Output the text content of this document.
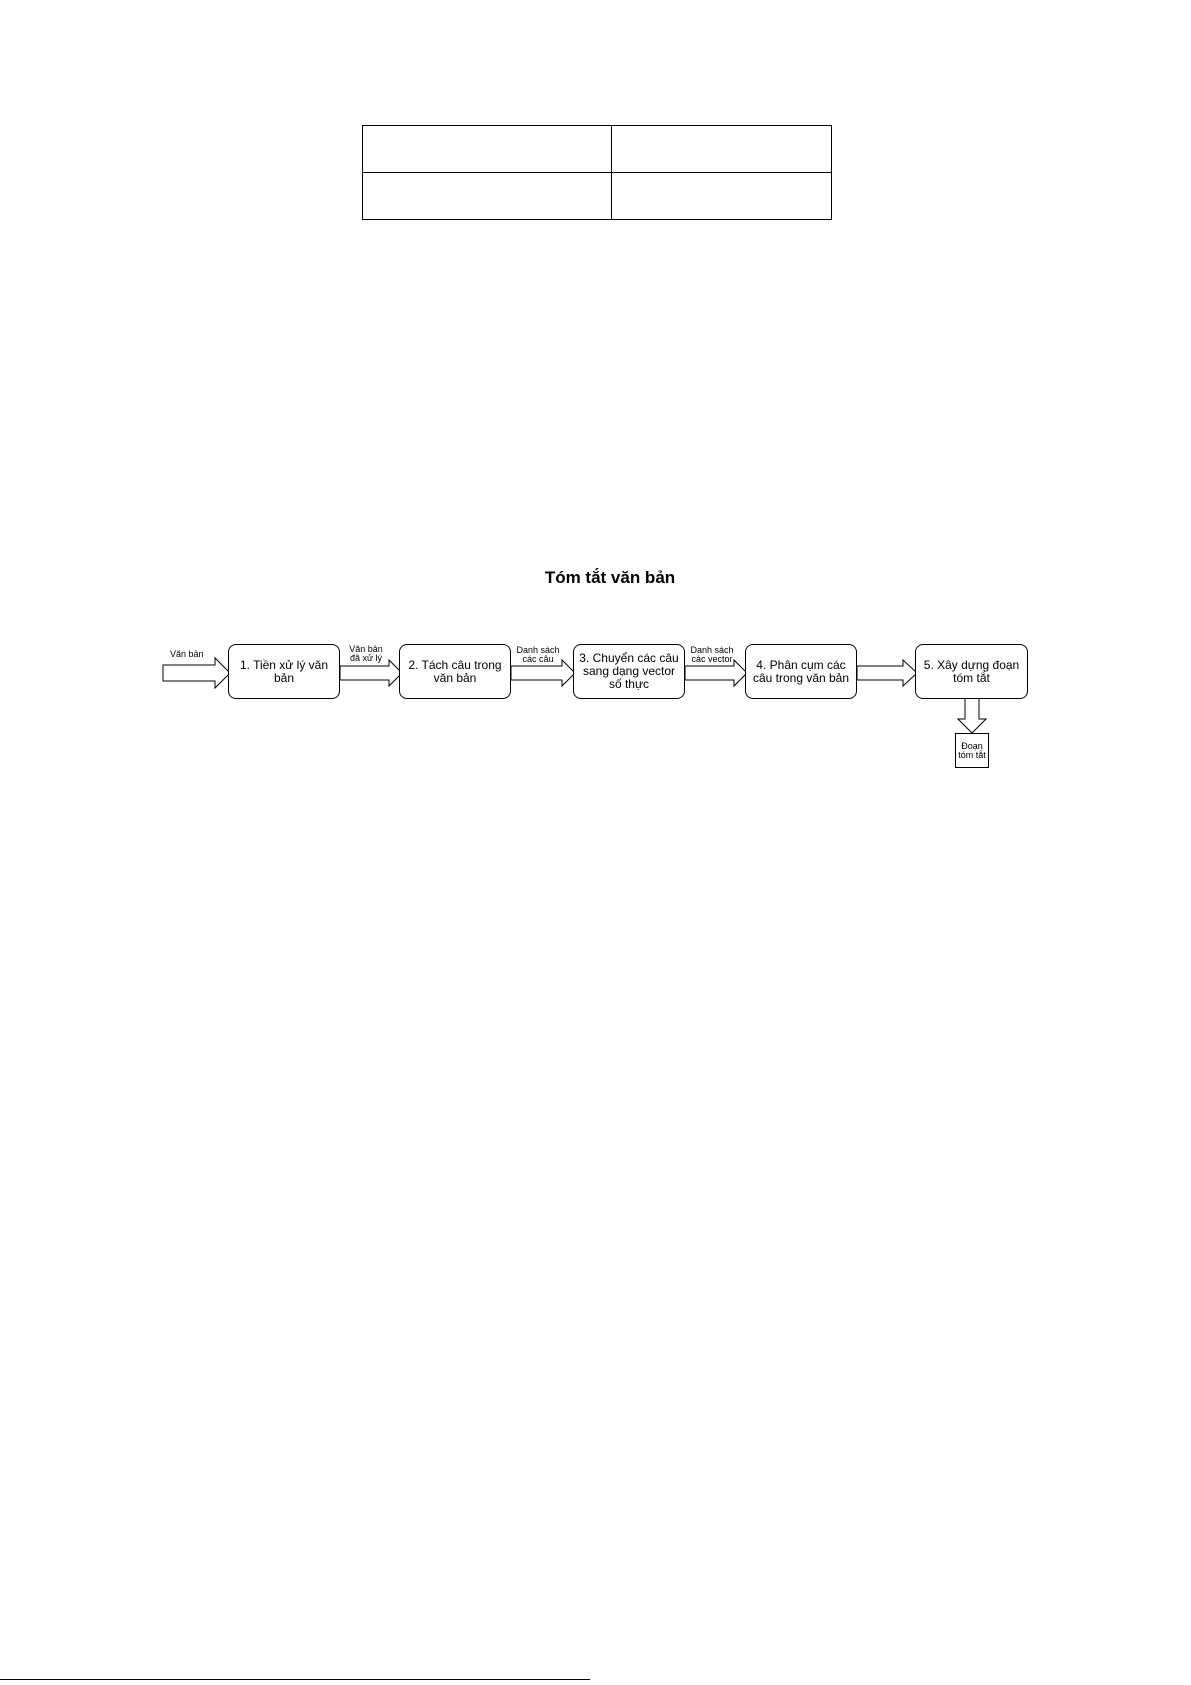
Tóm tắt văn bản
Văn bản	Văn bản
đã xử lý
Danh sách
các câu
Danh sách
các vector
1. Tiền xử lý văn bản
2. Tách câu trong văn bản
3. Chuyển các câu sang dạng vector số thực
4. Phân cụm các câu trong văn bản
5. Xây dựng đoạn tóm tắt
Đoạn
tóm tắt
